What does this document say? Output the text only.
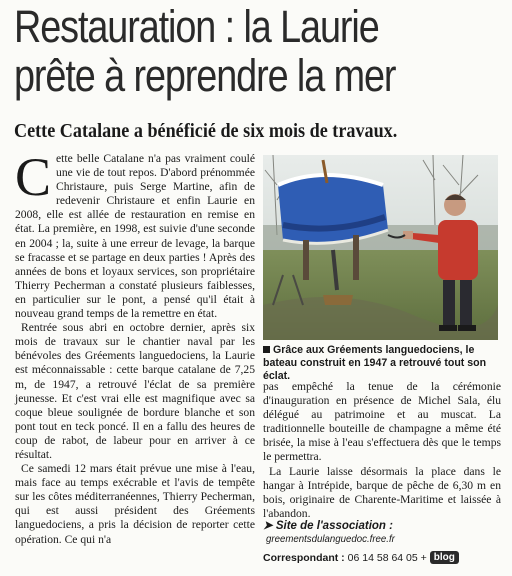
Restauration : la Laurie
prête à reprendre la mer
Cette Catalane a bénéficié de six mois de travaux.

Cette belle Catalane n'a pas vraiment coulé une vie de tout repos. D'abord prénommée Christaure, puis Serge Martine, afin de redevenir Christaure et enfin Laurie en 2008, elle est allée de restauration en remise en état. La première, en 1998, est suivie d'une seconde en 2004 ; la, suite à une erreur de levage, la barque se fracasse et se partage en deux parties ! Après des années de bons et loyaux services, son propriétaire Thierry Pecherman a constaté plusieurs faiblesses, en particulier sur le pont, a pensé qu'il était à nouveau grand temps de la remettre en état.

Rentrée sous abri en octobre dernier, après six mois de travaux sur le chantier naval par les bénévoles des Gréements languedociens, la Laurie est méconnaissable : cette barque catalane de 7,25 m, de 1947, a retrouvé l'éclat de sa première jeunesse. Et c'est vrai elle est magnifique avec sa coque bleue soulignée de bordure blanche et son pont tout en teck poncé. Il en a fallu des heures de coup de rabot, de labeur pour en arriver à ce résultat.

Ce samedi 12 mars était prévue une mise à l'eau, mais face au temps exécrable et l'avis de tempête sur les côtes méditerranéennes, Thierry Pecherman, qui est aussi président des Gréements languedociens, a pris la décision de reporter cette opération. Ce qui n'a

Grâce aux Gréements languedociens, le bateau construit en 1947 a retrouvé tout son éclat.

pas empêché la tenue de la cérémonie d'inauguration en présence de Michel Sala, élu délégué au patrimoine et au muscat. La traditionnelle bouteille de champagne a même été brisée, la mise à l'eau s'effectuera dès que le temps le permettra.

La Laurie laisse désormais la place dans le hangar à Intrépide, barque de pêche de 6,30 m en bois, originaire de Charente-Maritime et laissée à l'abandon.

➤ Site de l'association :
greementsdulanguedoc.free.fr
Correspondant : 06 14 58 64 05 + blog
